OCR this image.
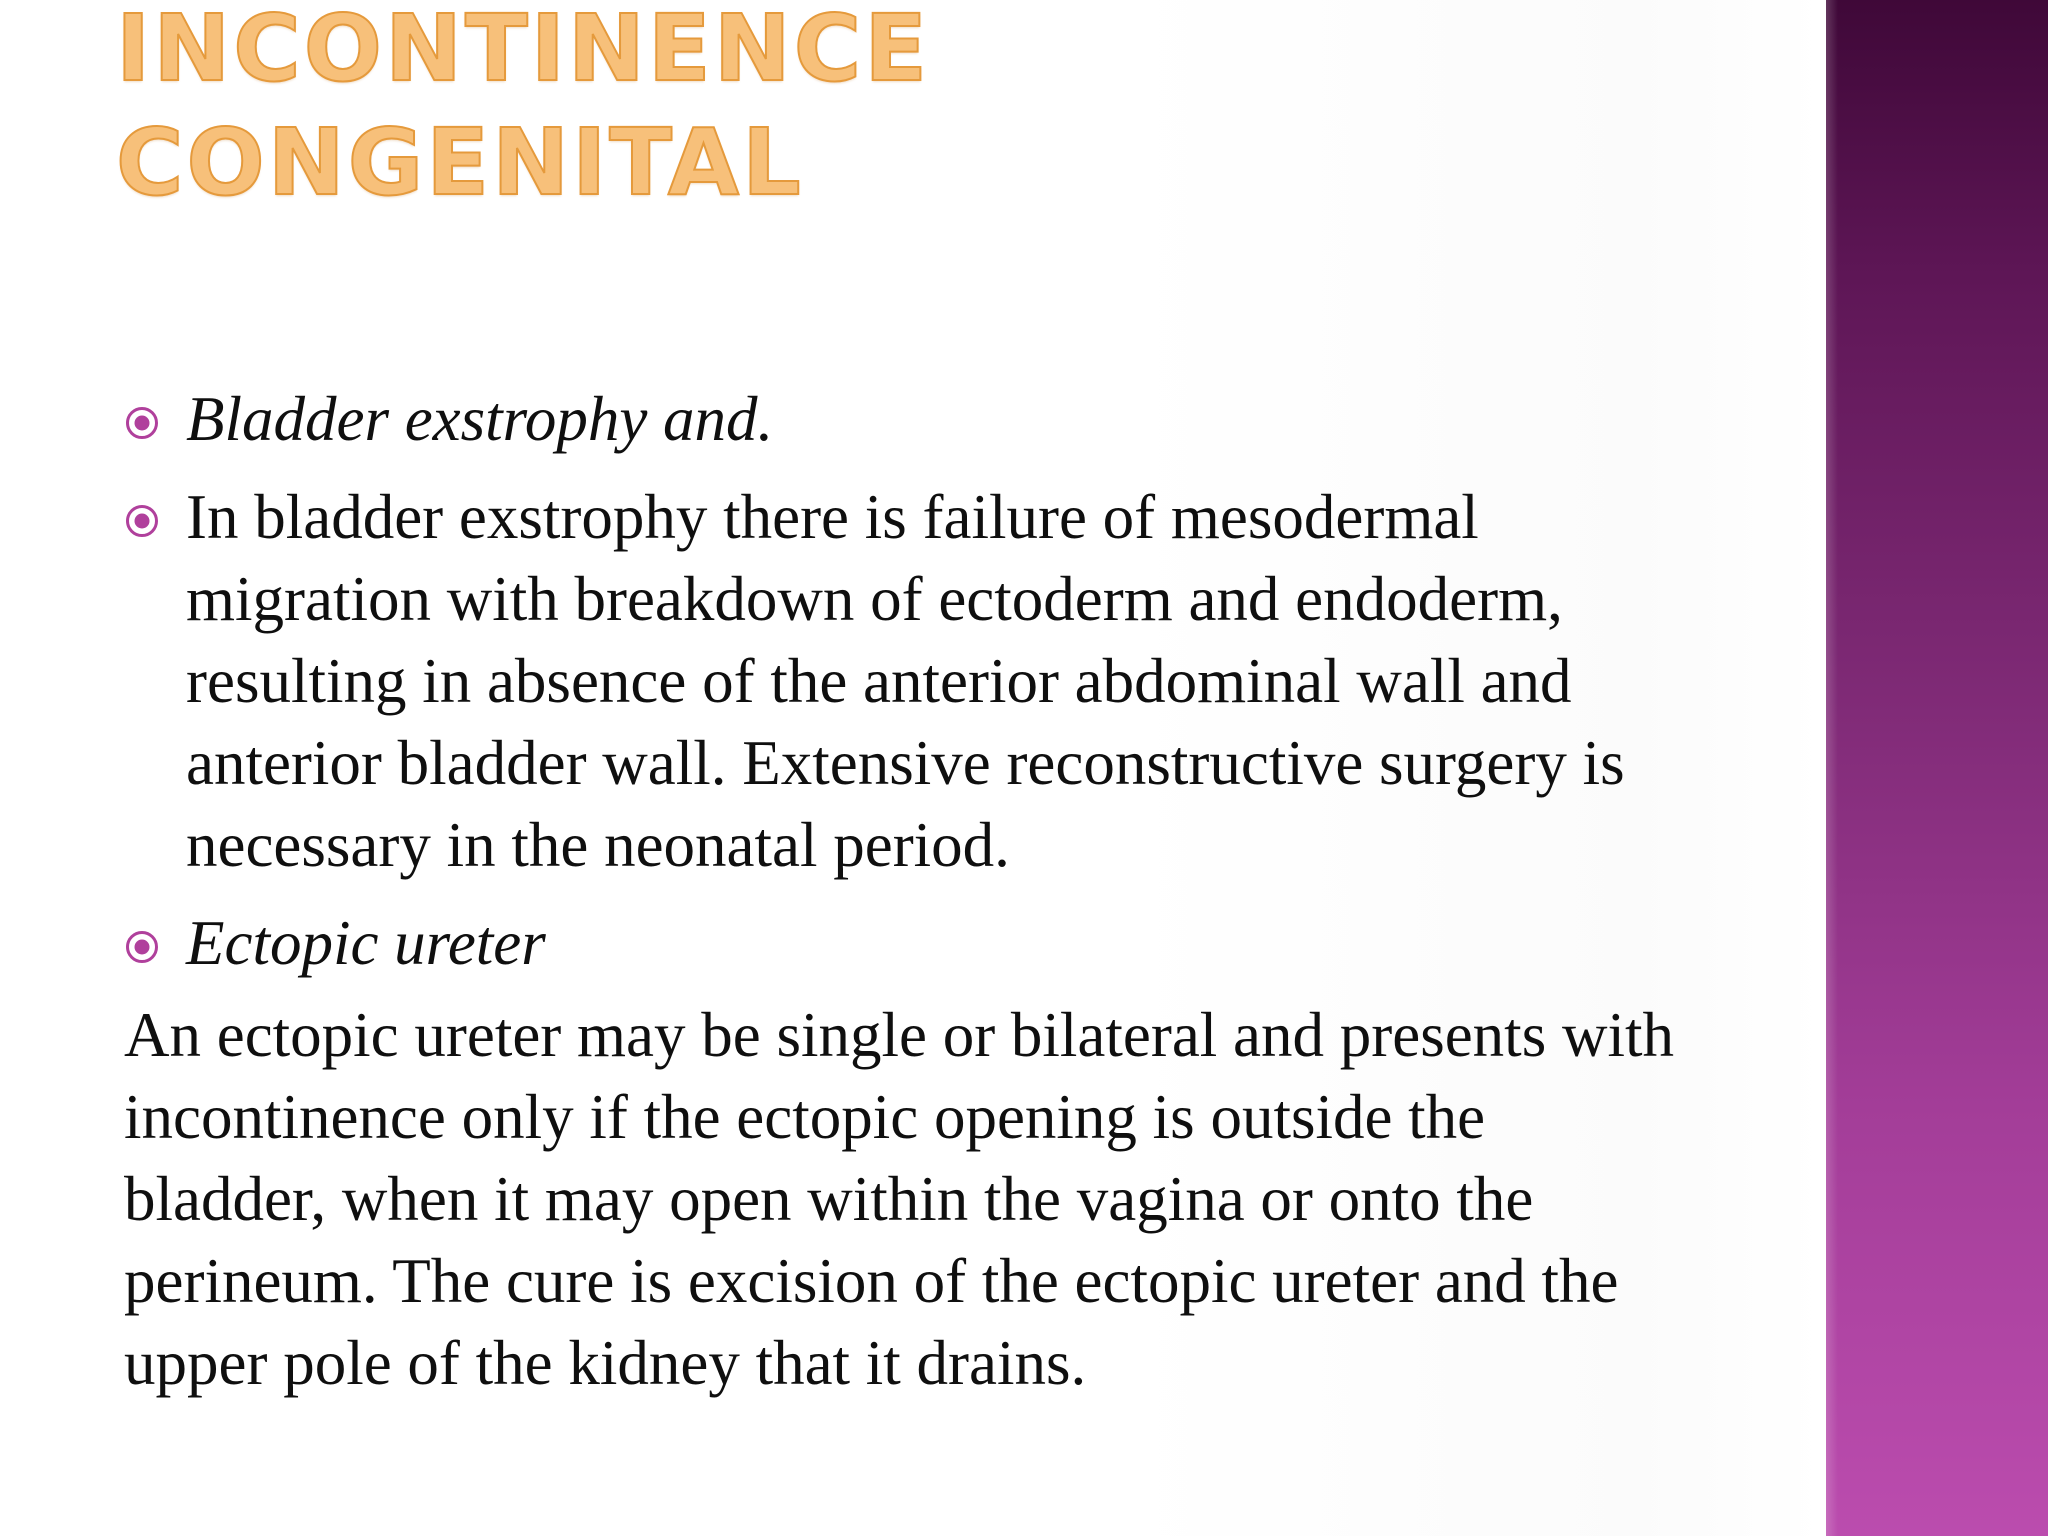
INCONTINENCE
CONGENITAL

Bladder exstrophy and.

In bladder exstrophy there is failure of mesodermal migration with breakdown of ectoderm and endoderm, resulting in absence of the anterior abdominal wall and anterior bladder wall. Extensive reconstructive surgery is necessary in the neonatal period.

Ectopic ureter

An ectopic ureter may be single or bilateral and presents with incontinence only if the ectopic opening is outside the bladder, when it may open within the vagina or onto the perineum. The cure is excision of the ectopic ureter and the upper pole of the kidney that it drains.
